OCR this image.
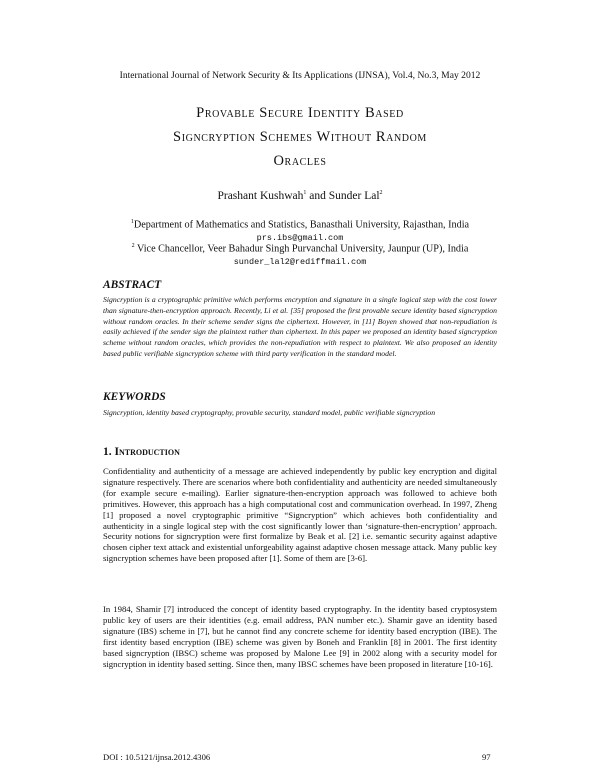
International Journal of Network Security & Its Applications (IJNSA), Vol.4, No.3, May 2012
Provable Secure Identity Based
Signcryption Schemes Without Random
Oracles
Prashant Kushwah$^1$ and Sunder Lal$^2$
$^1$Department of Mathematics and Statistics, Banasthali University, Rajasthan, India
prs.ibs@gmail.com
$^2$ Vice Chancellor, Veer Bahadur Singh Purvanchal University, Jaunpur (UP), India
sunder_lal2@rediffmail.com
ABSTRACT
Signcryption is a cryptographic primitive which performs encryption and signature in a single logical step with the cost lower than signature-then-encryption approach. Recently, Li et al. [35] proposed the first provable secure identity based signcryption without random oracles. In their scheme sender signs the ciphertext. However, in [11] Boyen showed that non-repudiation is easily achieved if the sender sign the plaintext rather than ciphertext. In this paper we proposed an identity based signcryption scheme without random oracles, which provides the non-repudiation with respect to plaintext. We also proposed an identity based public verifiable signcryption scheme with third party verification in the standard model.
KEYWORDS
Signcryption, identity based cryptography, provable security, standard model, public verifiable signcryption
1. Introduction
Confidentiality and authenticity of a message are achieved independently by public key encryption and digital signature respectively. There are scenarios where both confidentiality and authenticity are needed simultaneously (for example secure e-mailing). Earlier signature-then-encryption approach was followed to achieve both primitives. However, this approach has a high computational cost and communication overhead. In 1997, Zheng [1] proposed a novel cryptographic primitive “Signcryption” which achieves both confidentiality and authenticity in a single logical step with the cost significantly lower than ‘signature-then-encryption’ approach. Security notions for signcryption were first formalize by Beak et al. [2] i.e. semantic security against adaptive chosen cipher text attack and existential unforgeability against adaptive chosen message attack. Many public key signcryption schemes have been proposed after [1]. Some of them are [3-6].
In 1984, Shamir [7] introduced the concept of identity based cryptography. In the identity based cryptosystem public key of users are their identities (e.g. email address, PAN number etc.). Shamir gave an identity based signature (IBS) scheme in [7], but he cannot find any concrete scheme for identity based encryption (IBE). The first identity based encryption (IBE) scheme was given by Boneh and Franklin [8] in 2001. The first identity based signcryption (IBSC) scheme was proposed by Malone Lee [9] in 2002 along with a security model for signcryption in identity based setting. Since then, many IBSC schemes have been proposed in literature [10-16].
DOI : 10.5121/ijnsa.2012.4306	97
